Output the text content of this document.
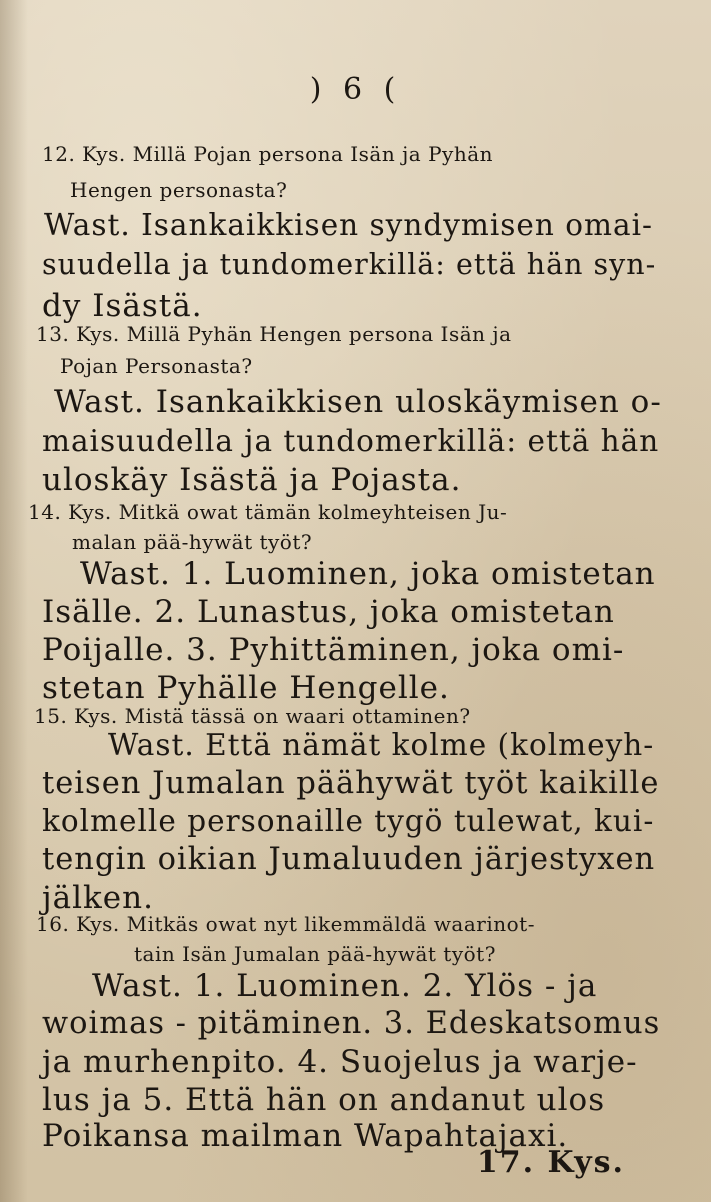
) 6 (
12. Kys. Millä Pojan persona Isän ja Pyhän
Hengen personasta?
Wast. Isankaikkisen syndymisen omai-
suudella ja tundomerkillä: että hän syn-
dy Isästä.
13. Kys. Millä Pyhän Hengen persona Isän ja
Pojan Personasta?
Wast. Isankaikkisen uloskäymisen o-
maisuudella ja tundomerkillä: että hän
uloskäy Isästä ja Pojasta.
14. Kys. Mitkä owat tämän kolmeyhteisen Ju-
malan pää-hywät työt?
Wast. 1. Luominen, joka omistetan
Isälle. 2. Lunastus, joka omistetan
Poijalle. 3. Pyhittäminen, joka omi-
stetan Pyhälle Hengelle.
15. Kys. Mistä tässä on waari ottaminen?
Wast. Että nämät kolme (kolmeyh-
teisen Jumalan päähywät työt kaikille
kolmelle personaille tygö tulewat, kui-
tengin oikian Jumaluuden järjestyxen
jälken.
16. Kys. Mitkäs owat nyt likemmäldä waarinot-
tain Isän Jumalan pää-hywät työt?
Wast. 1. Luominen. 2. Ylös - ja
woimas - pitäminen. 3. Edeskatsomus
ja murhenpito. 4. Suojelus ja warje-
lus ja 5. Että hän on andanut ulos
Poikansa mailman Wapahtajaxi.
17. Kys.
